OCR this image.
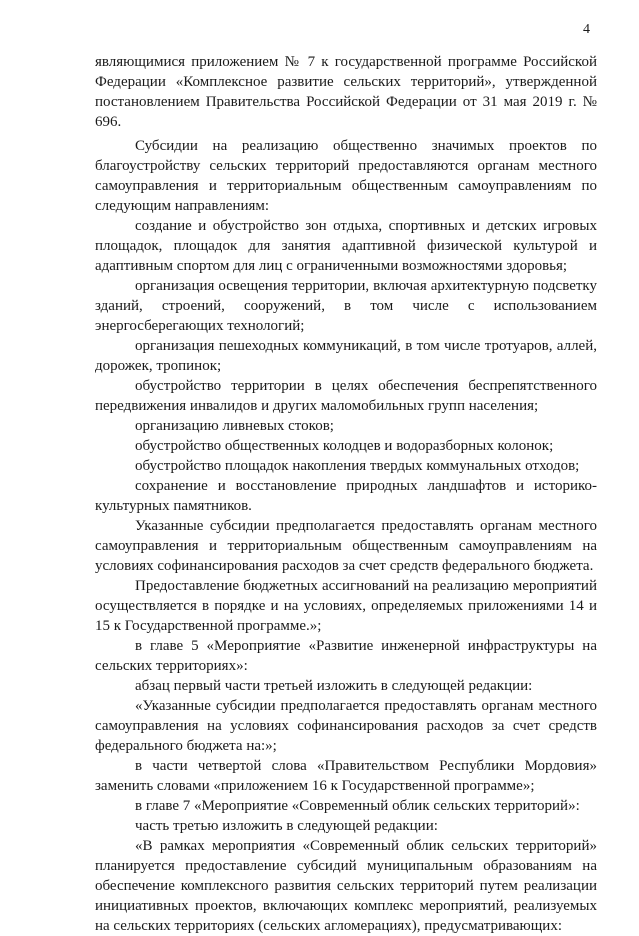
4

являющимися приложением № 7 к государственной программе Российской Федерации «Комплексное развитие сельских территорий», утвержденной постановлением Правительства Российской Федерации от 31 мая 2019 г. № 696.

Субсидии на реализацию общественно значимых проектов по благоустройству сельских территорий предоставляются органам местного самоуправления и территориальным общественным самоуправлениям по следующим направлениям:

создание и обустройство зон отдыха, спортивных и детских игровых площадок, площадок для занятия адаптивной физической культурой и адаптивным спортом для лиц с ограниченными возможностями здоровья;

организация освещения территории, включая архитектурную подсветку зданий, строений, сооружений, в том числе с использованием энергосберегающих технологий;

организация пешеходных коммуникаций, в том числе тротуаров, аллей, дорожек, тропинок;

обустройство территории в целях обеспечения беспрепятственного передвижения инвалидов и других маломобильных групп населения;

организацию ливневых стоков;

обустройство общественных колодцев и водоразборных колонок;

обустройство площадок накопления твердых коммунальных отходов;

сохранение и восстановление природных ландшафтов и историко-культурных памятников.

Указанные субсидии предполагается предоставлять органам местного самоуправления и территориальным общественным самоуправлениям на условиях софинансирования расходов за счет средств федерального бюджета.

Предоставление бюджетных ассигнований на реализацию мероприятий осуществляется в порядке и на условиях, определяемых приложениями 14 и 15 к Государственной программе.»;

в главе 5 «Мероприятие «Развитие инженерной инфраструктуры на сельских территориях»:

абзац первый части третьей изложить в следующей редакции:

«Указанные субсидии предполагается предоставлять органам местного самоуправления на условиях софинансирования расходов за счет средств федерального бюджета на:»;

в части четвертой слова «Правительством Республики Мордовия» заменить словами «приложением 16 к Государственной программе»;

в главе 7 «Мероприятие «Современный облик сельских территорий»:

часть третью изложить в следующей редакции:

«В рамках мероприятия «Современный облик сельских территорий» планируется предоставление субсидий муниципальным образованиям на обеспечение комплексного развития сельских территорий путем реализации инициативных проектов, включающих комплекс мероприятий, реализуемых на сельских территориях (сельских агломерациях), предусматривающих:
